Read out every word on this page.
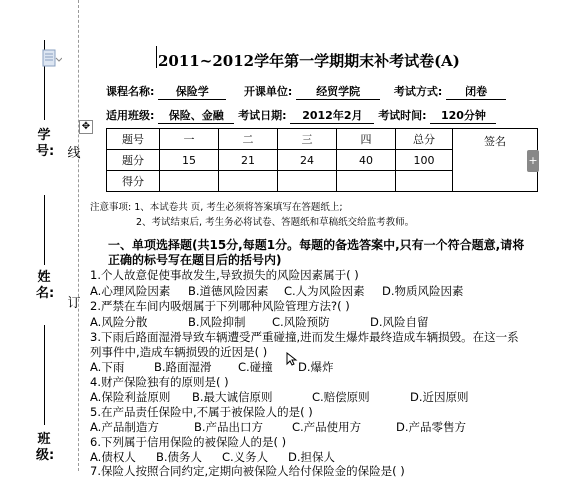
学号:
姓名:
班级:
线
订
2011~2012学年第一学期期末补考试卷(A)
课程名称: 保险学	开课单位: 经贸学院	考试方式: 闭卷
适用班级: 保险、金融 考试日期: 2012年2月 考试时间: 120分钟
✥
题号	一	二	三	四	总分	签名
题分	15	21	24	40	100	
得分						
+
注意事项: 1、本试卷共 页, 考生必须将答案填写在答题纸上;
2、考试结束后, 考生务必将试卷、答题纸和草稿纸交给监考教师。
一、单项选择题(共15分,每题1分。每题的备选答案中,只有一个符合题意,请将正确的标号写在题目后的括号内)
1.个人故意促使事故发生,导致损失的风险因素属于( )
A.心理风险因素 B.道德风险因素 C.人为风险因素 D.物质风险因素
2.严禁在车间内吸烟属于下列哪种风险管理方法?( )
A.风险分散	B.风险抑制 C.风险预防	D.风险自留
3.下雨后路面湿滑导致车辆遭受严重碰撞,进而发生爆炸最终造成车辆损毁。在这一系列事件中,造成车辆损毁的近因是( )
A.下雨	B.路面湿滑 C.碰撞 D.爆炸
4.财产保险独有的原则是( )
A.保险利益原则 B.最大诚信原则	C.赔偿原则	D.近因原则
5.在产品责任保险中,不属于被保险人的是( )
A.产品制造方	B.产品出口方	C.产品使用方	D.产品零售方
6.下列属于信用保险的被保险人的是( )
A.债权人 B.债务人 C.义务人 D.担保人
7.保险人按照合同约定,定期向被保险人给付保险金的保险是( )
